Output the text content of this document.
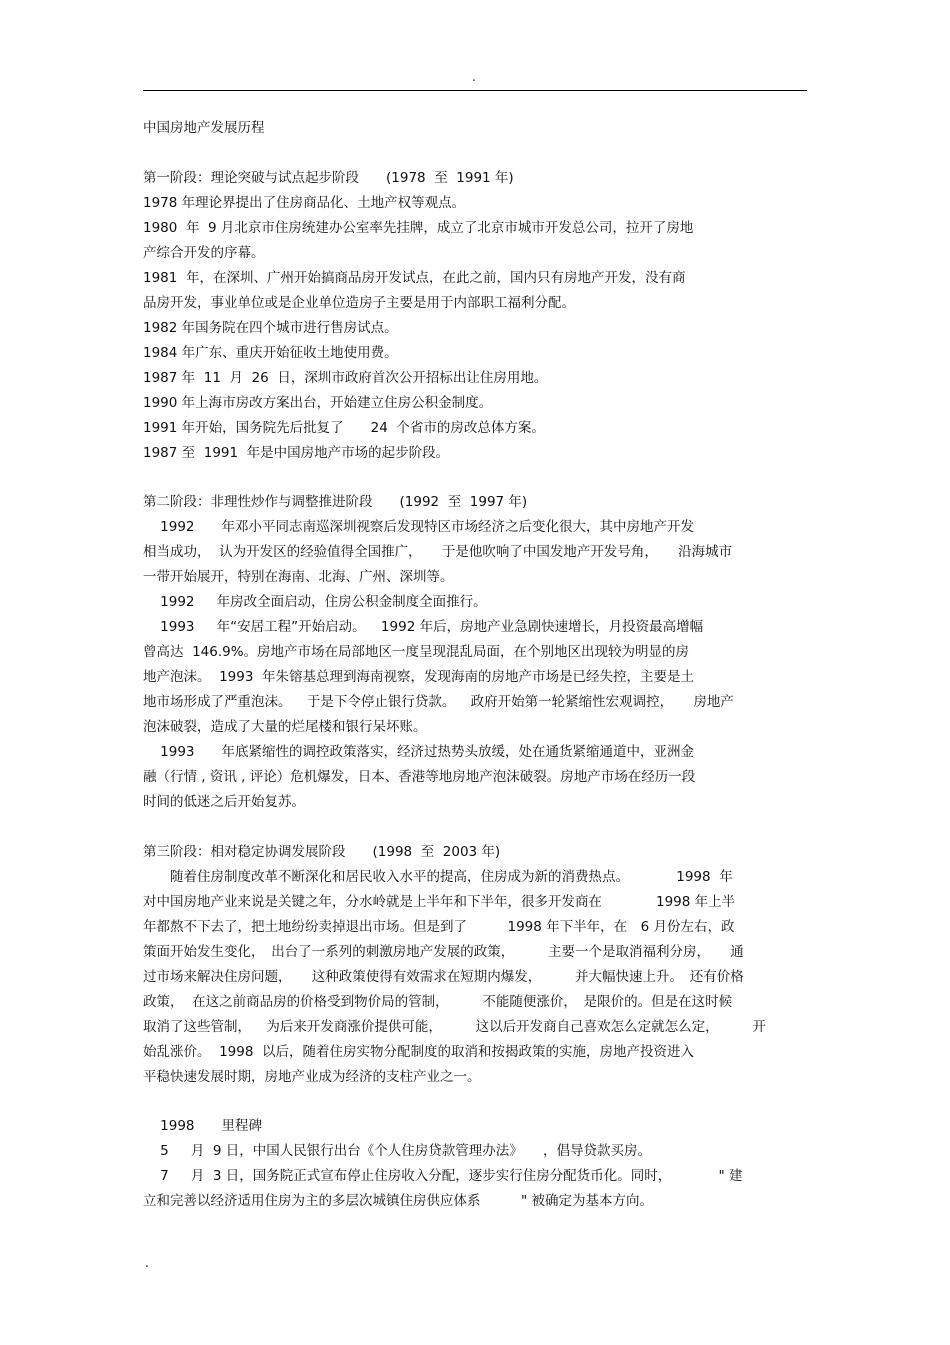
.
中国房地产发展历程
第一阶段：理论突破与试点起步阶段　　(1978  至  1991 年)
1978 年理论界提出了住房商品化、土地产权等观点。
1980  年  9 月北京市住房统建办公室率先挂牌，成立了北京市城市开发总公司，拉开了房地
产综合开发的序幕。
1981  年，在深圳、广州开始搞商品房开发试点，在此之前，国内只有房地产开发，没有商
品房开发，事业单位或是企业单位造房子主要是用于内部职工福利分配。
1982 年国务院在四个城市进行售房试点。
1984 年广东、重庆开始征收土地使用费。
1987 年  11  月  26  日，深圳市政府首次公开招标出让住房用地。
1990 年上海市房改方案出台，开始建立住房公积金制度。
1991 年开始，国务院先后批复了　　24  个省市的房改总体方案。
1987 至  1991  年是中国房地产市场的起步阶段。
第二阶段：非理性炒作与调整推进阶段　　(1992  至  1997 年)
1992　　年邓小平同志南巡深圳视察后发现特区市场经济之后变化很大，其中房地产开发
相当成功，  认为开发区的经验值得全国推广，　　于是他吹响了中国发地产开发号角，　　沿海城市
一带开始展开，特别在海南、北海、广州、深圳等。
1992　  年房改全面启动，住房公积金制度全面推行。
1993　  年“安居工程”开始启动。　  1992 年后，房地产业急剧快速增长，月投资最高增幅
曾高达  146.9%。房地产市场在局部地区一度呈现混乱局面，在个别地区出现较为明显的房
地产泡沫。  1993  年朱镕基总理到海南视察，发现海南的房地产市场是已经失控，主要是土
地市场形成了严重泡沫。　  于是下令停止银行贷款。　  政府开始第一轮紧缩性宏观调控，　　房地产
泡沫破裂，造成了大量的烂尾楼和银行呆坏账。
1993　　年底紧缩性的调控政策落实，经济过热势头放缓，处在通货紧缩通道中，亚洲金
融（行情 , 资讯 , 评论）危机爆发，日本、香港等地房地产泡沫破裂。房地产市场在经历一段
时间的低迷之后开始复苏。
第三阶段：相对稳定协调发展阶段　　(1998  至  2003 年)
　　随着住房制度改革不断深化和居民收入水平的提高，住房成为新的消费热点。　　　　1998  年
对中国房地产业来说是关键之年，分水岭就是上半年和下半年，很多开发商在　　　　1998 年上半
年都熬不下去了，把土地纷纷卖掉退出市场。但是到了　　　1998 年下半年，在　6 月份左右，政
策面开始发生变化，　出台了一系列的刺激房地产发展的政策，　　　主要一个是取消福利分房，　　通
过市场来解决住房问题，　　这种政策使得有效需求在短期内爆发，　　　并大幅快速上升。　还有价格
政策，  在这之前商品房的价格受到物价局的管制，　　　不能随便涨价，　是限价的。但是在这时候
取消了这些管制，　  为后来开发商涨价提供可能，　　　这以后开发商自己喜欢怎么定就怎么定，　　　开
始乱涨价。  1998  以后，随着住房实物分配制度的取消和按揭政策的实施，房地产投资进入
平稳快速发展时期，房地产业成为经济的支柱产业之一。
1998　　里程碑
5　  月  9 日，中国人民银行出台《个人住房贷款管理办法》　　，倡导贷款买房。
7　  月  3 日，国务院正式宣布停止住房收入分配，逐步实行住房分配货币化。同时，　　　　" 建
立和完善以经济适用住房为主的多层次城镇住房供应体系　　　" 被确定为基本方向。
.
